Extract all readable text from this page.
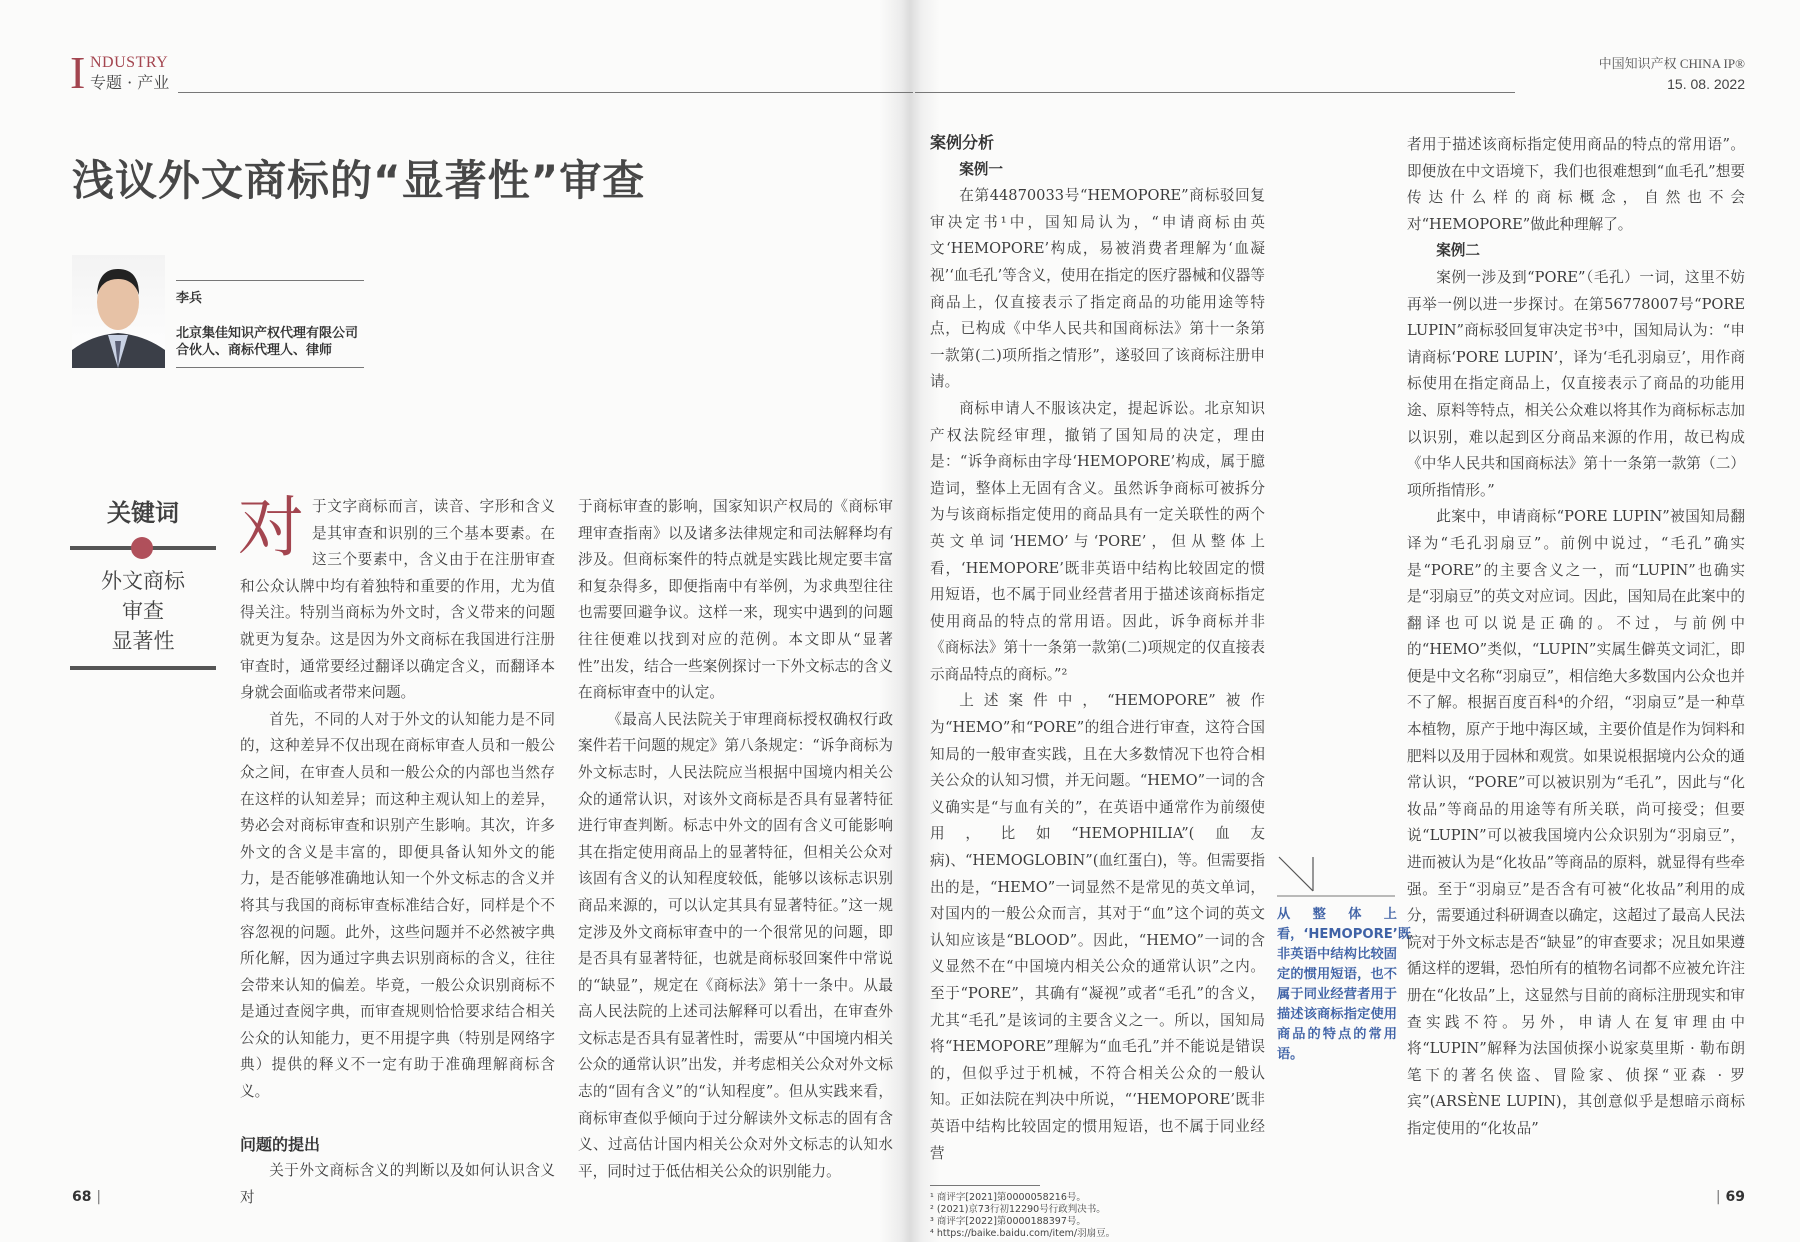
I NDUSTRY
专题 · 产业
中国知识产权 CHINA IP®
15. 08. 2022
浅议外文商标的“显著性”审查
李兵
北京集佳知识产权代理有限公司
合伙人、商标代理人、律师
关键词
外文商标
审查
显著性

对于文字商标而言，读音、字形和含义是其审查和识别的三个基本要素。在这三个要素中，含义由于在注册审查和公众认牌中均有着独特和重要的作用，尤为值得关注。特别当商标为外文时，含义带来的问题就更为复杂。这是因为外文商标在我国进行注册审查时，通常要经过翻译以确定含义，而翻译本身就会面临或者带来问题。

首先，不同的人对于外文的认知能力是不同的，这种差异不仅出现在商标审查人员和一般公众之间，在审查人员和一般公众的内部也当然存在这样的认知差异；而这种主观认知上的差异，势必会对商标审查和识别产生影响。其次，许多外文的含义是丰富的，即便具备认知外文的能力，是否能够准确地认知一个外文标志的含义并将其与我国的商标审查标准结合好，同样是个不容忽视的问题。此外，这些问题并不必然被字典所化解，因为通过字典去识别商标的含义，往往会带来认知的偏差。毕竟，一般公众识别商标不是通过查阅字典，而审查规则恰恰要求结合相关公众的认知能力，更不用提字典（特别是网络字典）提供的释义不一定有助于准确理解商标含义。

问题的提出

关于外文商标含义的判断以及如何认识含义对

于商标审查的影响，国家知识产权局的《商标审理审查指南》以及诸多法律规定和司法解释均有涉及。但商标案件的特点就是实践比规定要丰富和复杂得多，即便指南中有举例，为求典型往往也需要回避争议。这样一来，现实中遇到的问题往往便难以找到对应的范例。本文即从“显著性”出发，结合一些案例探讨一下外文标志的含义在商标审查中的认定。

《最高人民法院关于审理商标授权确权行政案件若干问题的规定》第八条规定：“诉争商标为外文标志时，人民法院应当根据中国境内相关公众的通常认识，对该外文商标是否具有显著特征进行审查判断。标志中外文的固有含义可能影响其在指定使用商品上的显著特征，但相关公众对该固有含义的认知程度较低，能够以该标志识别商品来源的，可以认定其具有显著特征。”这一规定涉及外文商标审查中的一个很常见的问题，即是否具有显著特征，也就是商标驳回案件中常说的“缺显”，规定在《商标法》第十一条中。从最高人民法院的上述司法解释可以看出，在审查外文标志是否具有显著性时，需要从“中国境内相关公众的通常认识”出发，并考虑相关公众对外文标志的“固有含义”的“认知程度”。但从实践来看，商标审查似乎倾向于过分解读外文标志的固有含义、过高估计国内相关公众对外文标志的认知水平，同时过于低估相关公众的识别能力。

案例分析
案例一

在第44870033号“HEMOPORE”商标驳回复审决定书¹中，国知局认为，“申请商标由英文‘HEMOPORE’构成，易被消费者理解为‘血凝视’‘血毛孔’等含义，使用在指定的医疗器械和仪器等商品上，仅直接表示了指定商品的功能用途等特点，已构成《中华人民共和国商标法》第十一条第一款第(二)项所指之情形”，遂驳回了该商标注册申请。

商标申请人不服该决定，提起诉讼。北京知识产权法院经审理，撤销了国知局的决定，理由是：“诉争商标由字母‘HEMOPORE’构成，属于臆造词，整体上无固有含义。虽然诉争商标可被拆分为与该商标指定使用的商品具有一定关联性的两个英文单词‘HEMO’与‘PORE’，但从整体上看，‘HEMOPORE’既非英语中结构比较固定的惯用短语，也不属于同业经营者用于描述该商标指定使用商品的特点的常用语。因此，诉争商标并非《商标法》第十一条第一款第(二)项规定的仅直接表示商品特点的商标。”²

上述案件中，“HEMOPORE”被作为“HEMO”和“PORE”的组合进行审查，这符合国知局的一般审查实践，且在大多数情况下也符合相关公众的认知习惯，并无问题。“HEMO”一词的含义确实是“与血有关的”，在英语中通常作为前缀使用，比如“HEMOPHILIA”(血友病)、“HEMOGLOBIN”(血红蛋白)，等。但需要指出的是，“HEMO”一词显然不是常见的英文单词，对国内的一般公众而言，其对于“血”这个词的英文认知应该是“BLOOD”。因此，“HEMO”一词的含义显然不在“中国境内相关公众的通常认识”之内。至于“PORE”，其确有“凝视”或者“毛孔”的含义，尤其“毛孔”是该词的主要含义之一。所以，国知局将“HEMOPORE”理解为“血毛孔”并不能说是错误的，但似乎过于机械，不符合相关公众的一般认知。正如法院在判决中所说，“‘HEMOPORE’既非英语中结构比较固定的惯用短语，也不属于同业经营

¹ 商评字[2021]第0000058216号。
² (2021)京73行初12290号行政判决书。
³ 商评字[2022]第0000188397号。
⁴ https://baike.baidu.com/item/羽扇豆。
从整体上看，‘HEMOPORE’既非英语中结构比较固定的惯用短语，也不属于同业经营者用于描述该商标指定使用商品的特点的常用语。

者用于描述该商标指定使用商品的特点的常用语”。即便放在中文语境下，我们也很难想到“血毛孔”想要传达什么样的商标概念，自然也不会对“HEMOPORE”做此种理解了。

案例二

案例一涉及到“PORE”（毛孔）一词，这里不妨再举一例以进一步探讨。在第56778007号“PORE LUPIN”商标驳回复审决定书³中，国知局认为：“申请商标‘PORE LUPIN’，译为‘毛孔羽扇豆’，用作商标使用在指定商品上，仅直接表示了商品的功能用途、原料等特点，相关公众难以将其作为商标标志加以识别，难以起到区分商品来源的作用，故已构成《中华人民共和国商标法》第十一条第一款第（二）项所指情形。”

此案中，申请商标“PORE LUPIN”被国知局翻译为“毛孔羽扇豆”。前例中说过，“毛孔”确实是“PORE”的主要含义之一，而“LUPIN”也确实是“羽扇豆”的英文对应词。因此，国知局在此案中的翻译也可以说是正确的。不过，与前例中的“HEMO”类似，“LUPIN”实属生僻英文词汇，即便是中文名称“羽扇豆”，相信绝大多数国内公众也并不了解。根据百度百科⁴的介绍，“羽扇豆”是一种草本植物，原产于地中海区域，主要价值是作为饲料和肥料以及用于园林和观赏。如果说根据境内公众的通常认识，“PORE”可以被识别为“毛孔”，因此与“化妆品”等商品的用途等有所关联，尚可接受；但要说“LUPIN”可以被我国境内公众识别为“羽扇豆”，进而被认为是“化妆品”等商品的原料，就显得有些牵强。至于“羽扇豆”是否含有可被“化妆品”利用的成分，需要通过科研调查以确定，这超过了最高人民法院对于外文标志是否“缺显”的审查要求；况且如果遵循这样的逻辑，恐怕所有的植物名词都不应被允许注册在“化妆品”上，这显然与目前的商标注册现实和审查实践不符。另外，申请人在复审理由中将“LUPIN”解释为法国侦探小说家莫里斯 · 勒布朗笔下的著名侠盗、冒险家、侦探“亚森 · 罗宾”(ARSÈNE LUPIN)，其创意似乎是想暗示商标指定使用的“化妆品”

68 |	| 69
